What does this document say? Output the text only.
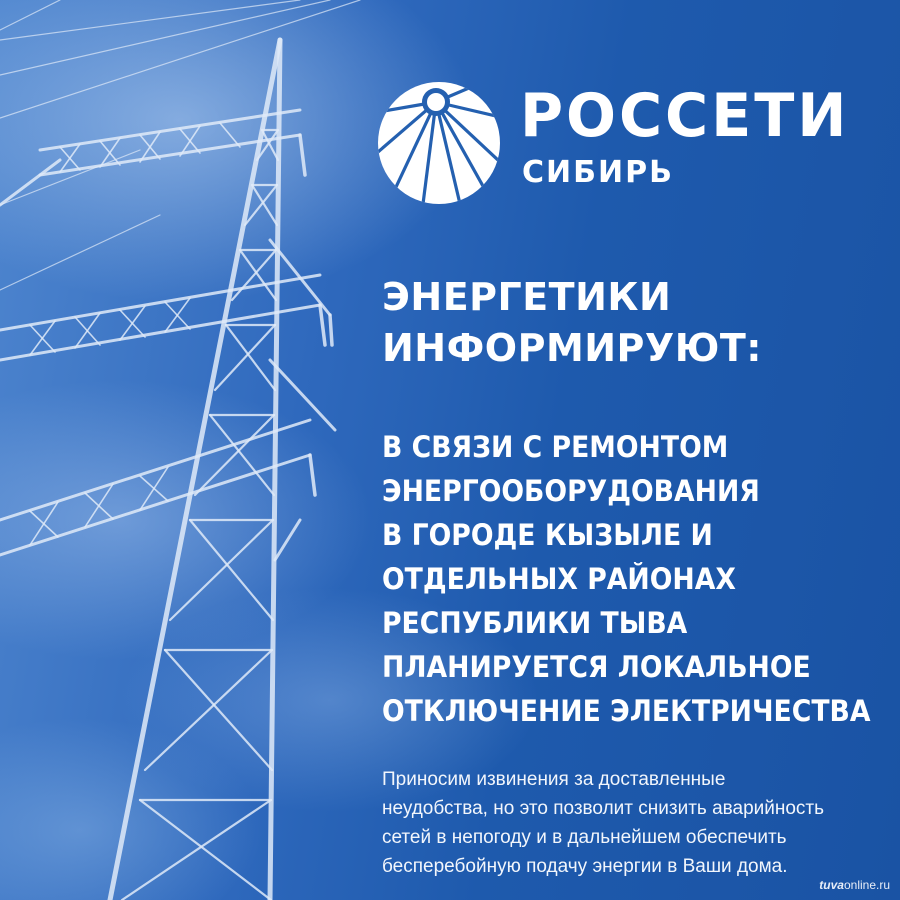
РОССЕТИ
СИБИРЬ
ЭНЕРГЕТИКИ
ИНФОРМИРУЮТ:
В СВЯЗИ С РЕМОНТОМ
ЭНЕРГООБОРУДОВАНИЯ
В ГОРОДЕ КЫЗЫЛЕ И
ОТДЕЛЬНЫХ РАЙОНАХ
РЕСПУБЛИКИ ТЫВА
ПЛАНИРУЕТСЯ ЛОКАЛЬНОЕ
ОТКЛЮЧЕНИЕ ЭЛЕКТРИЧЕСТВА
Приносим извинения за доставленные
неудобства, но это позволит снизить аварийность
сетей в непогоду и в дальнейшем обеспечить
бесперебойную подачу энергии в Ваши дома.
tuvaonline.ru
